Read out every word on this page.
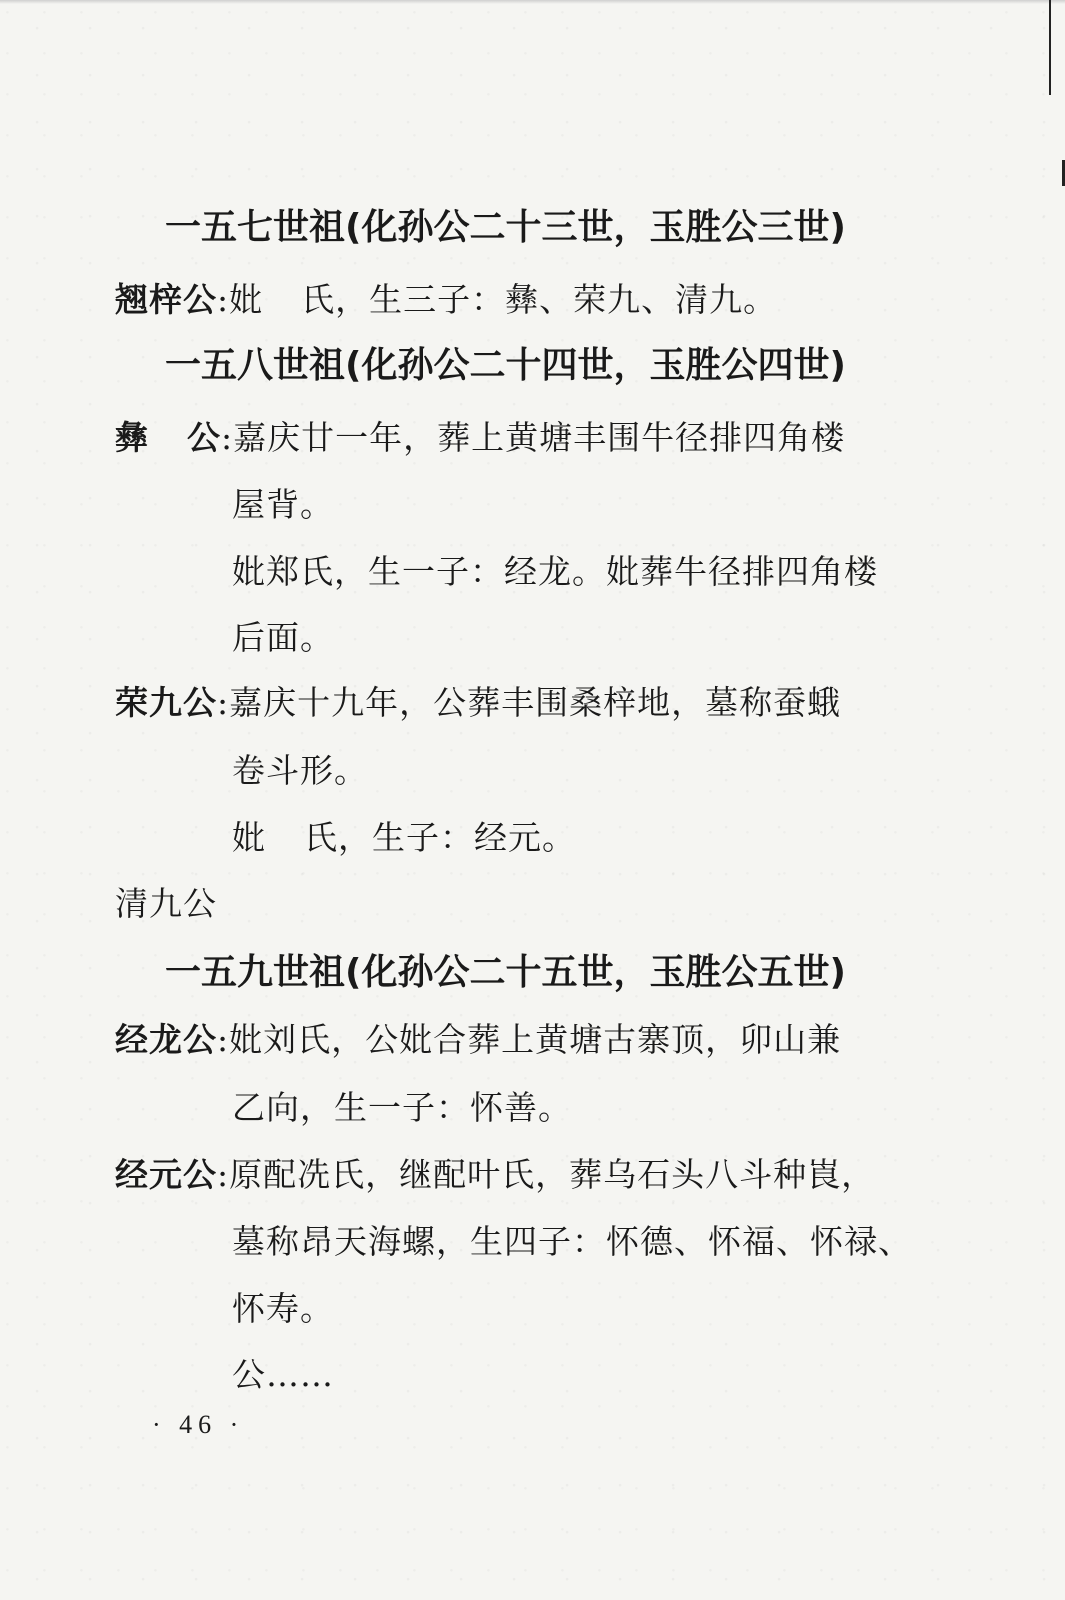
一五七世祖(化孙公二十三世，玉胜公三世)
翘梓公:妣 氏，生三子：彝、荣九、清九。
一五八世祖(化孙公二十四世，玉胜公四世)
彝 公:嘉庆廿一年，葬上黄塘丰围牛径排四角楼
屋背。
妣郑氏，生一子：经龙。妣葬牛径排四角楼
后面。
荣九公:嘉庆十九年，公葬丰围桑梓地，墓称蚕蛾
卷斗形。
妣 氏，生子：经元。
清九公
一五九世祖(化孙公二十五世，玉胜公五世)
经龙公:妣刘氏，公妣合葬上黄塘古寨顶，卯山兼
乙向，生一子：怀善。
经元公:原配冼氏，继配叶氏，葬乌石头八斗种崀，
墓称昂天海螺，生四子：怀德、怀福、怀禄、
怀寿。
公……
· 46 ·
